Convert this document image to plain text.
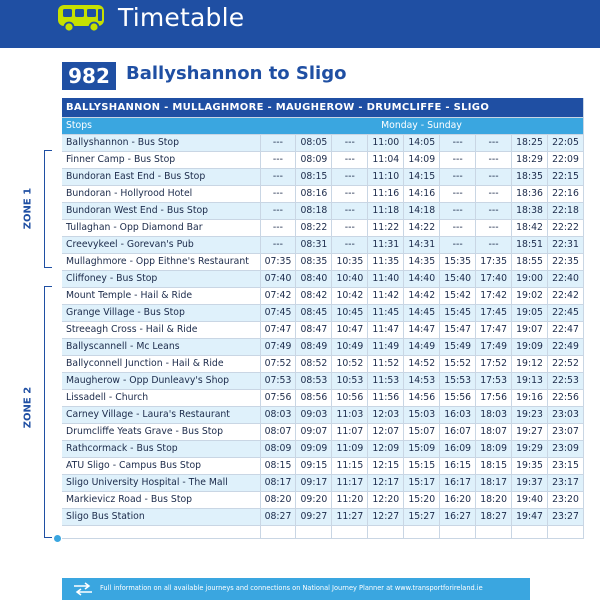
Timetable
982 Ballyshannon to Sligo
ZONE 1
ZONE 2
BALLYSHANNON - MULLAGHMORE - MAUGHEROW - DRUMCLIFFE - SLIGO									
Stops	Monday - Sunday								
Ballyshannon - Bus Stop	---	08:05	---	11:00	14:05	---	---	18:25	22:05
Finner Camp - Bus Stop	---	08:09	---	11:04	14:09	---	---	18:29	22:09
Bundoran East End - Bus Stop	---	08:15	---	11:10	14:15	---	---	18:35	22:15
Bundoran - Hollyrood Hotel	---	08:16	---	11:16	14:16	---	---	18:36	22:16
Bundoran West End - Bus Stop	---	08:18	---	11:18	14:18	---	---	18:38	22:18
Tullaghan - Opp Diamond Bar	---	08:22	---	11:22	14:22	---	---	18:42	22:22
Creevykeel - Gorevan's Pub	---	08:31	---	11:31	14:31	---	---	18:51	22:31
Mullaghmore - Opp Eithne's Restaurant	07:35	08:35	10:35	11:35	14:35	15:35	17:35	18:55	22:35
Cliffoney - Bus Stop	07:40	08:40	10:40	11:40	14:40	15:40	17:40	19:00	22:40
Mount Temple - Hail & Ride	07:42	08:42	10:42	11:42	14:42	15:42	17:42	19:02	22:42
Grange Village - Bus Stop	07:45	08:45	10:45	11:45	14:45	15:45	17:45	19:05	22:45
Streeagh Cross - Hail & Ride	07:47	08:47	10:47	11:47	14:47	15:47	17:47	19:07	22:47
Ballyscannell - Mc Leans	07:49	08:49	10:49	11:49	14:49	15:49	17:49	19:09	22:49
Ballyconnell Junction - Hail & Ride	07:52	08:52	10:52	11:52	14:52	15:52	17:52	19:12	22:52
Maugherow - Opp Dunleavy's Shop	07:53	08:53	10:53	11:53	14:53	15:53	17:53	19:13	22:53
Lissadell - Church	07:56	08:56	10:56	11:56	14:56	15:56	17:56	19:16	22:56
Carney Village - Laura's Restaurant	08:03	09:03	11:03	12:03	15:03	16:03	18:03	19:23	23:03
Drumcliffe Yeats Grave - Bus Stop	08:07	09:07	11:07	12:07	15:07	16:07	18:07	19:27	23:07
Rathcormack - Bus Stop	08:09	09:09	11:09	12:09	15:09	16:09	18:09	19:29	23:09
ATU Sligo - Campus Bus Stop	08:15	09:15	11:15	12:15	15:15	16:15	18:15	19:35	23:15
Sligo University Hospital - The Mall	08:17	09:17	11:17	12:17	15:17	16:17	18:17	19:37	23:17
Markievicz Road - Bus Stop	08:20	09:20	11:20	12:20	15:20	16:20	18:20	19:40	23:20
Sligo Bus Station	08:27	09:27	11:27	12:27	15:27	16:27	18:27	19:47	23:27

Full information on all available journeys and connections on National Journey Planner at www.transportforireland.ie
